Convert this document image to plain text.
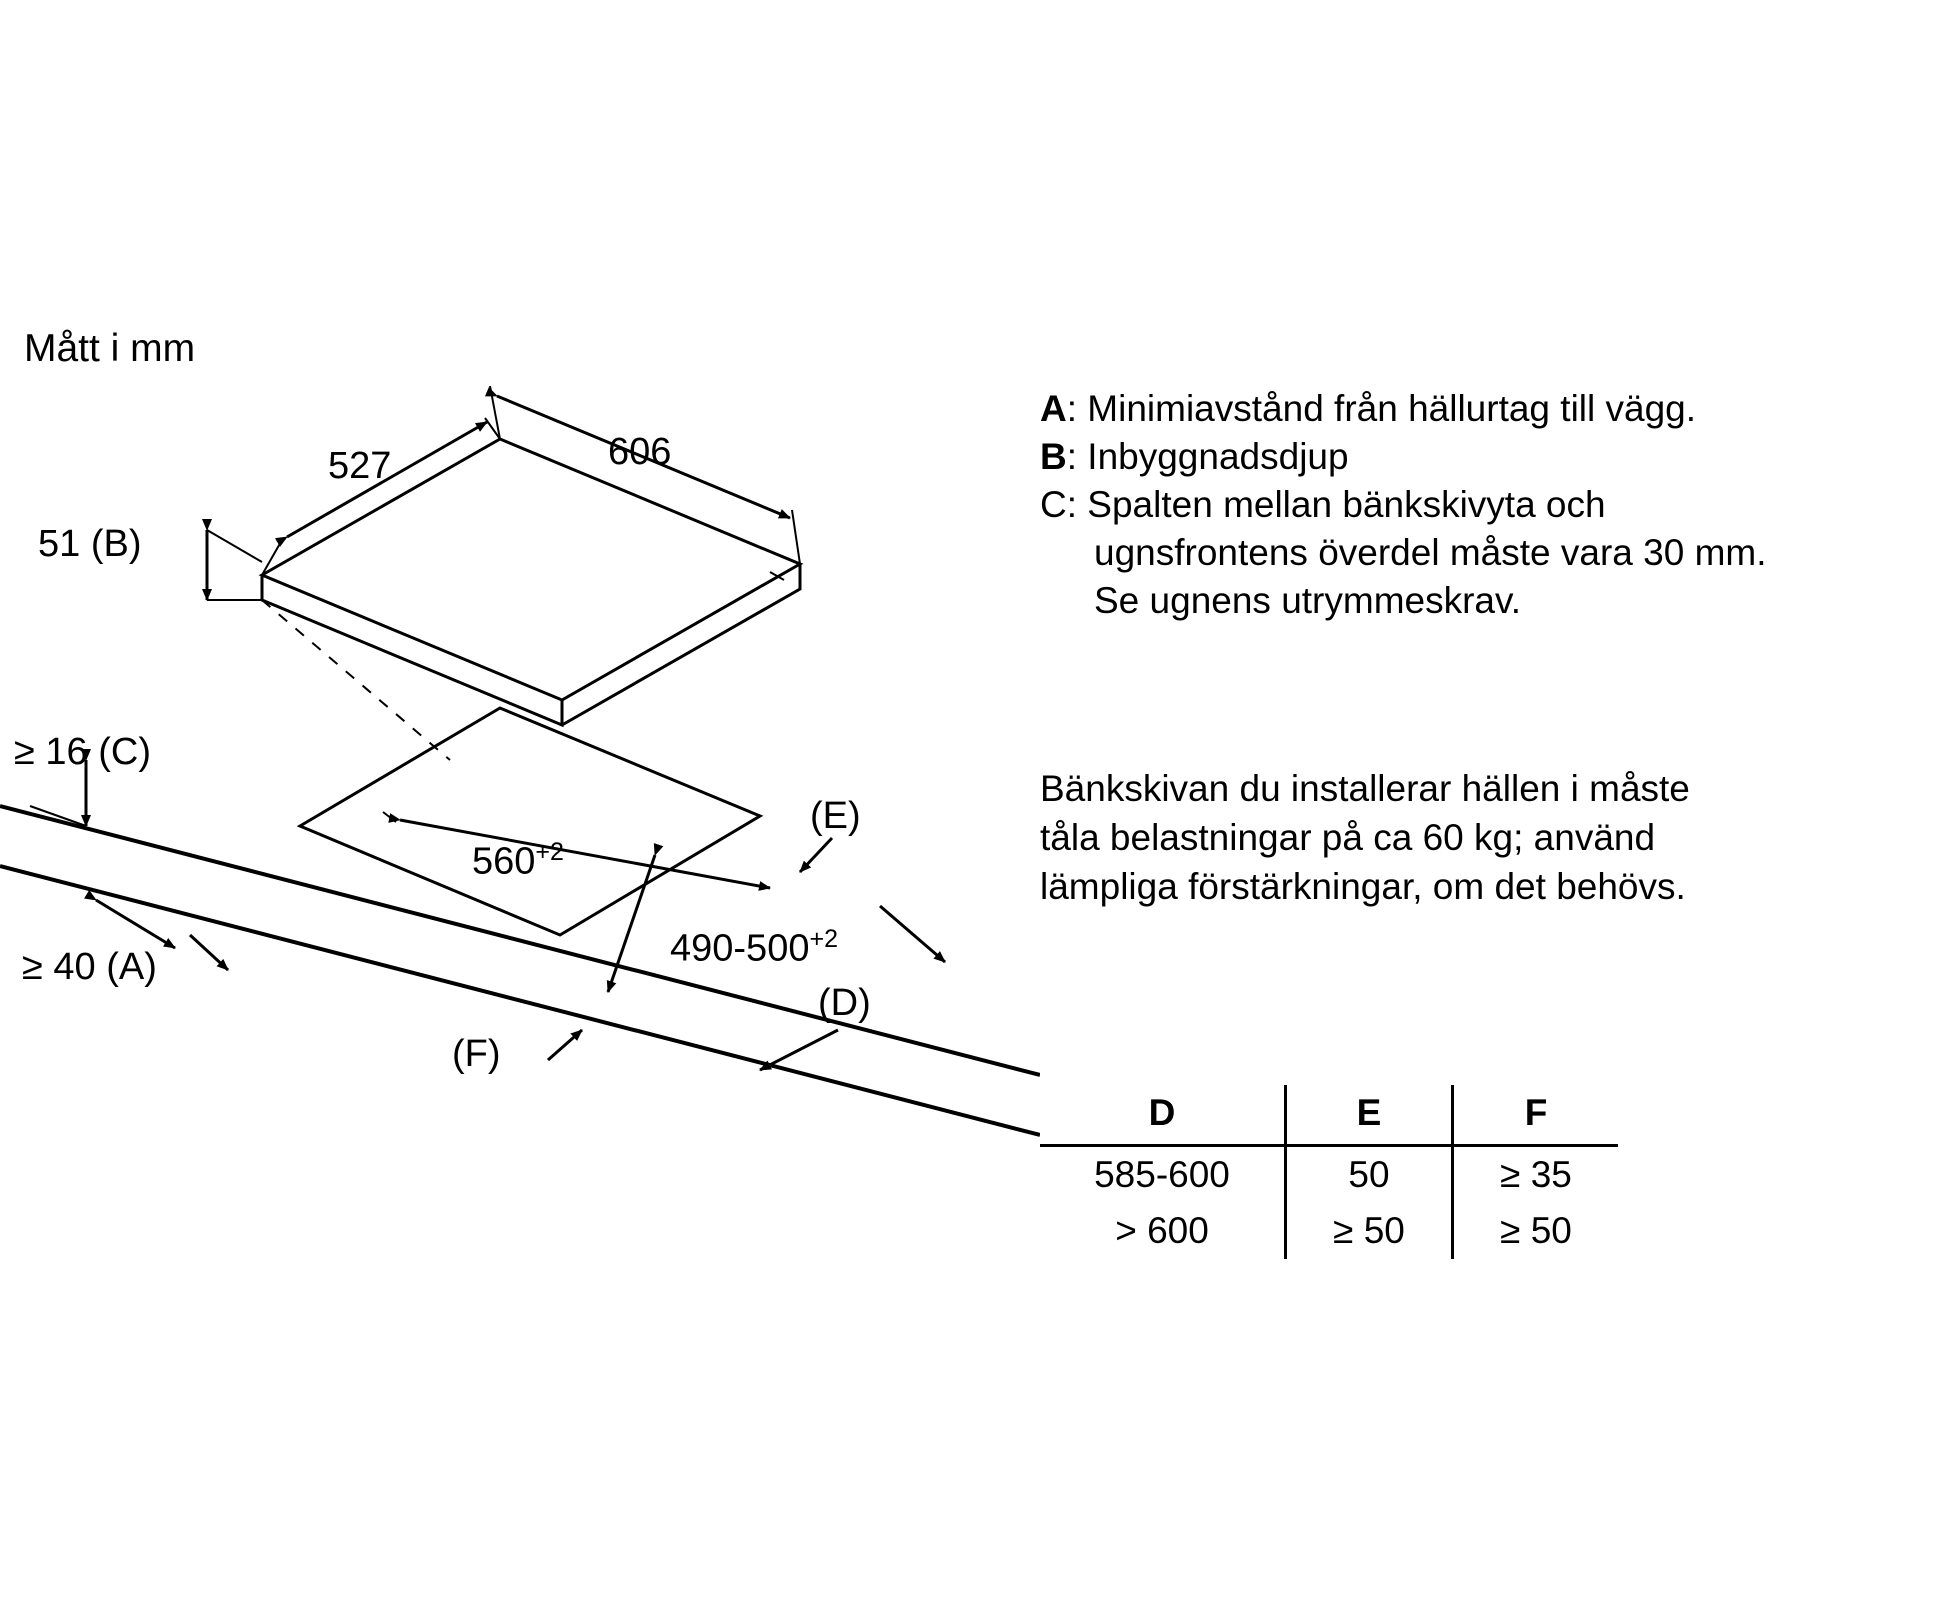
Mått i mm
606
527
51 (B)
≥ 16 (C)
≥ 40 (A)
$560^{+2}$
$490-500^{+2}$
(E)
(D)
(F)
A: Minimiavstånd från hällurtag till vägg.
B: Inbyggnadsdjup
C: Spalten mellan bänkskivyta och
ugnsfrontens överdel måste vara 30 mm.
Se ugnens utrymmeskrav.
Bänkskivan du installerar hällen i måste
tåla belastningar på ca 60 kg; använd
lämpliga förstärkningar, om det behövs.
D	E	F
585-600	50	≥ 35
> 600	≥ 50	≥ 50
